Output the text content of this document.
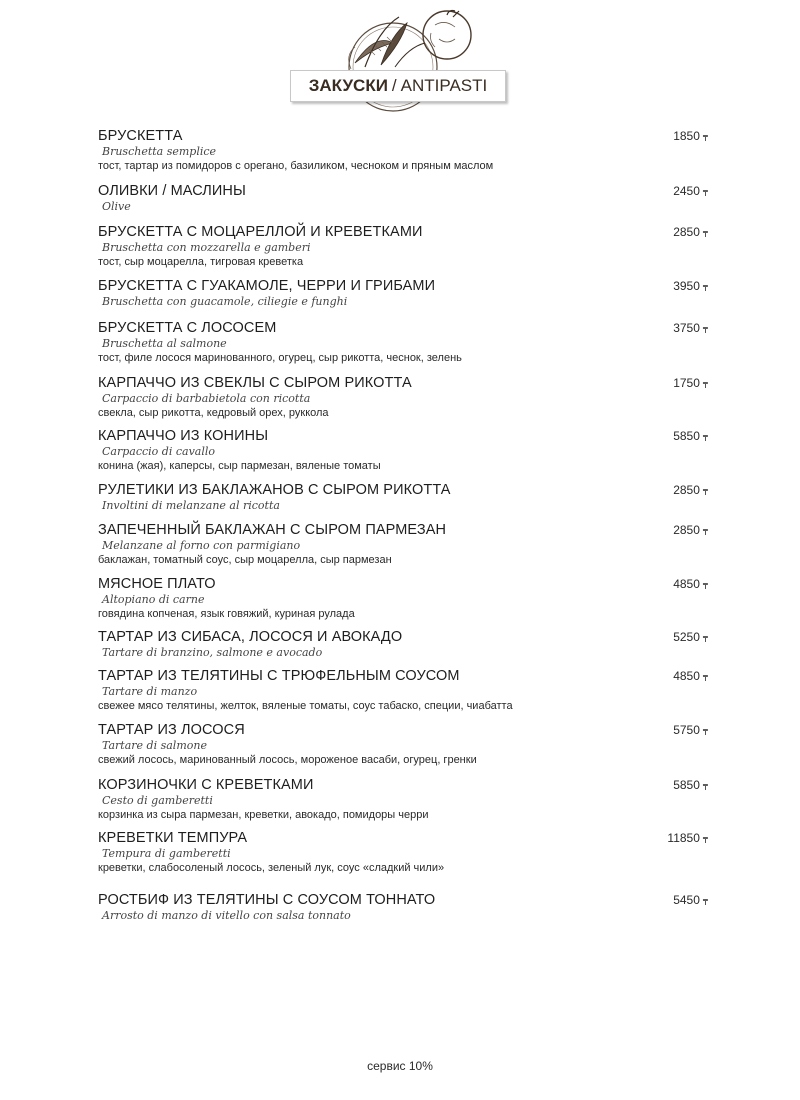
ЗАКУСКИ / ANTIPASTI
БРУСКЕТТА	1850 ₸
Bruschetta semplice
тост, тартар из помидоров с орегано, базиликом, чесноком и пряным маслом
ОЛИВКИ / МАСЛИНЫ	2450 ₸
Olive
БРУСКЕТТА С МОЦАРЕЛЛОЙ И КРЕВЕТКАМИ	2850 ₸
Bruschetta con mozzarella e gamberi
тост, сыр моцарелла, тигровая креветка
БРУСКЕТТА С ГУАКАМОЛЕ, ЧЕРРИ И ГРИБАМИ	3950 ₸
Bruschetta con guacamole, ciliegie e funghi
БРУСКЕТТА С ЛОСОСЕМ	3750 ₸
Bruschetta al salmone
тост, филе лосося маринованного, огурец, сыр рикотта, чеснок, зелень
КАРПАЧЧО ИЗ СВЕКЛЫ С СЫРОМ РИКОТТА	1750 ₸
Carpaccio di barbabietola con ricotta
свекла, сыр рикотта, кедровый орех, руккола
КАРПАЧЧО ИЗ КОНИНЫ	5850 ₸
Carpaccio di cavallo
конина (жая), каперсы, сыр пармезан, вяленые томаты
РУЛЕТИКИ ИЗ БАКЛАЖАНОВ С СЫРОМ РИКОТТА	2850 ₸
Involtini di melanzane al ricotta
ЗАПЕЧЕННЫЙ БАКЛАЖАН С СЫРОМ ПАРМЕЗАН	2850 ₸
Melanzane al forno con parmigiano
баклажан, томатный соус, сыр моцарелла, сыр пармезан
МЯСНОЕ ПЛАТО	4850 ₸
Altopiano di carne
говядина копченая, язык говяжий, куриная рулада
ТАРТАР ИЗ СИБАСА, ЛОСОСЯ И АВОКАДО	5250 ₸
Tartare di branzino, salmone e avocado
ТАРТАР ИЗ ТЕЛЯТИНЫ С ТРЮФЕЛЬНЫМ СОУСОМ	4850 ₸
Tartare di manzo
свежее мясо телятины, желток, вяленые томаты, соус табаско, специи, чиабатта
ТАРТАР ИЗ ЛОСОСЯ	5750 ₸
Tartare di salmone
свежий лосось, маринованный лосось, мороженое васаби, огурец, гренки
КОРЗИНОЧКИ С КРЕВЕТКАМИ	5850 ₸
Cesto di gamberetti
корзинка из сыра пармезан, креветки, авокадо, помидоры черри
КРЕВЕТКИ ТЕМПУРА	11850 ₸
Tempura di gamberetti
креветки, слабосоленый лосось, зеленый лук, соус «сладкий чили»
РОСТБИФ ИЗ ТЕЛЯТИНЫ С СОУСОМ ТОННАТО	5450 ₸
Arrosto di manzo di vitello con salsa tonnato
сервис 10%
